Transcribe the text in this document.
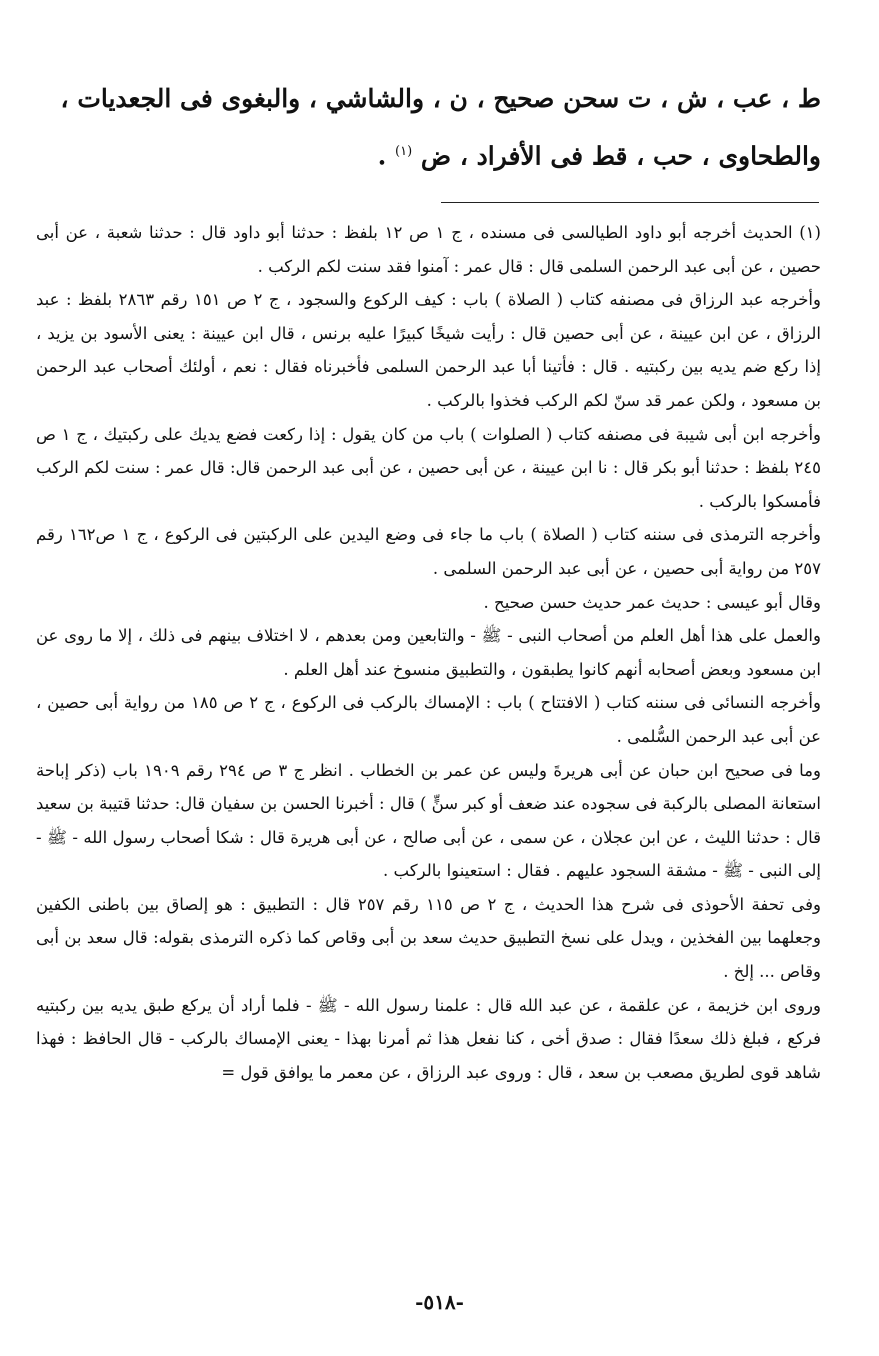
ط ، عب ، ش ، ت سحن صحيح ، ن ، والشاشي ، والبغوى فى الجعديات ،
والطحاوى ، حب ، قط فى الأفراد ، ض $^{(١)}$ .

(١) الحديث أخرجه أبو داود الطيالسى فى مسنده ، ج ١ ص ١٢ بلفظ : حدثنا أبو داود قال : حدثنا شعبة ، عن أبى حصين ، عن أبى عبد الرحمن السلمى قال : قال عمر : آمنوا فقد سنت لكم الركب .

وأخرجه عبد الرزاق فى مصنفه كتاب ( الصلاة ) باب : كيف الركوع والسجود ، ج ٢ ص ١٥١ رقم ٢٨٦٣ بلفظ : عبد الرزاق ، عن ابن عيينة ، عن أبى حصين قال : رأيت شيخًا كبيرًا عليه برنس ، قال ابن عيينة : يعنى الأسود بن يزيد ، إذا ركع ضم يديه بين ركبتيه . قال : فأتينا أبا عبد الرحمن السلمى فأخبرناه فقال : نعم ، أولئك أصحاب عبد الرحمن بن مسعود ، ولكن عمر قد سنّ لكم الركب فخذوا بالركب .

وأخرجه ابن أبى شيبة فى مصنفه كتاب ( الصلوات ) باب من كان يقول : إذا ركعت فضع يديك على ركبتيك ، ج ١ ص ٢٤٥ بلفظ : حدثنا أبو بكر قال : نا ابن عيينة ، عن أبى حصين ، عن أبى عبد الرحمن قال: قال عمر : سنت لكم الركب فأمسكوا بالركب .

وأخرجه الترمذى فى سننه كتاب ( الصلاة ) باب ما جاء فى وضع اليدين على الركبتين فى الركوع ، ج ١ ص١٦٢ رقم ٢٥٧ من رواية أبى حصين ، عن أبى عبد الرحمن السلمى .

وقال أبو عيسى : حديث عمر حديث حسن صحيح .

والعمل على هذا أهل العلم من أصحاب النبى - ﷺ - والتابعين ومن بعدهم ، لا اختلاف بينهم فى ذلك ، إلا ما روى عن ابن مسعود وبعض أصحابه أنهم كانوا يطبقون ، والتطبيق منسوخ عند أهل العلم .

وأخرجه النسائى فى سننه كتاب ( الافتتاح ) باب : الإمساك بالركب فى الركوع ، ج ٢ ص ١٨٥ من رواية أبى حصين ، عن أبى عبد الرحمن السُّلمى .

وما فى صحيح ابن حبان عن أبى هريرةَ وليس عن عمر بن الخطاب . انظر ج ٣ ص ٢٩٤ رقم ١٩٠٩ باب (ذكر إباحة استعانة المصلى بالركبة فى سجوده عند ضعف أو كبر سنٍّ ) قال : أخبرنا الحسن بن سفيان قال: حدثنا قتيبة بن سعيد قال : حدثنا الليث ، عن ابن عجلان ، عن سمى ، عن أبى صالح ، عن أبى هريرة قال : شكا أصحاب رسول الله - ﷺ - إلى النبى - ﷺ - مشقة السجود عليهم . فقال : استعينوا بالركب .

وفى تحفة الأحوذى فى شرح هذا الحديث ، ج ٢ ص ١١٥ رقم ٢٥٧ قال : التطبيق : هو إلصاق بين باطنى الكفين وجعلهما بين الفخذين ، ويدل على نسخ التطبيق حديث سعد بن أبى وقاص كما ذكره الترمذى بقوله: قال سعد بن أبى وقاص ... إلخ .

وروى ابن خزيمة ، عن علقمة ، عن عبد الله قال : علمنا رسول الله - ﷺ - فلما أراد أن يركع طبق يديه بين ركبتيه فركع ، فبلغ ذلك سعدًا فقال : صدق أخى ، كنا نفعل هذا ثم أمرنا بهذا - يعنى الإمساك بالركب - قال الحافظ : فهذا شاهد قوى لطريق مصعب بن سعد ، قال : وروى عبد الرزاق ، عن معمر ما يوافق قول =

-٥١٨-
